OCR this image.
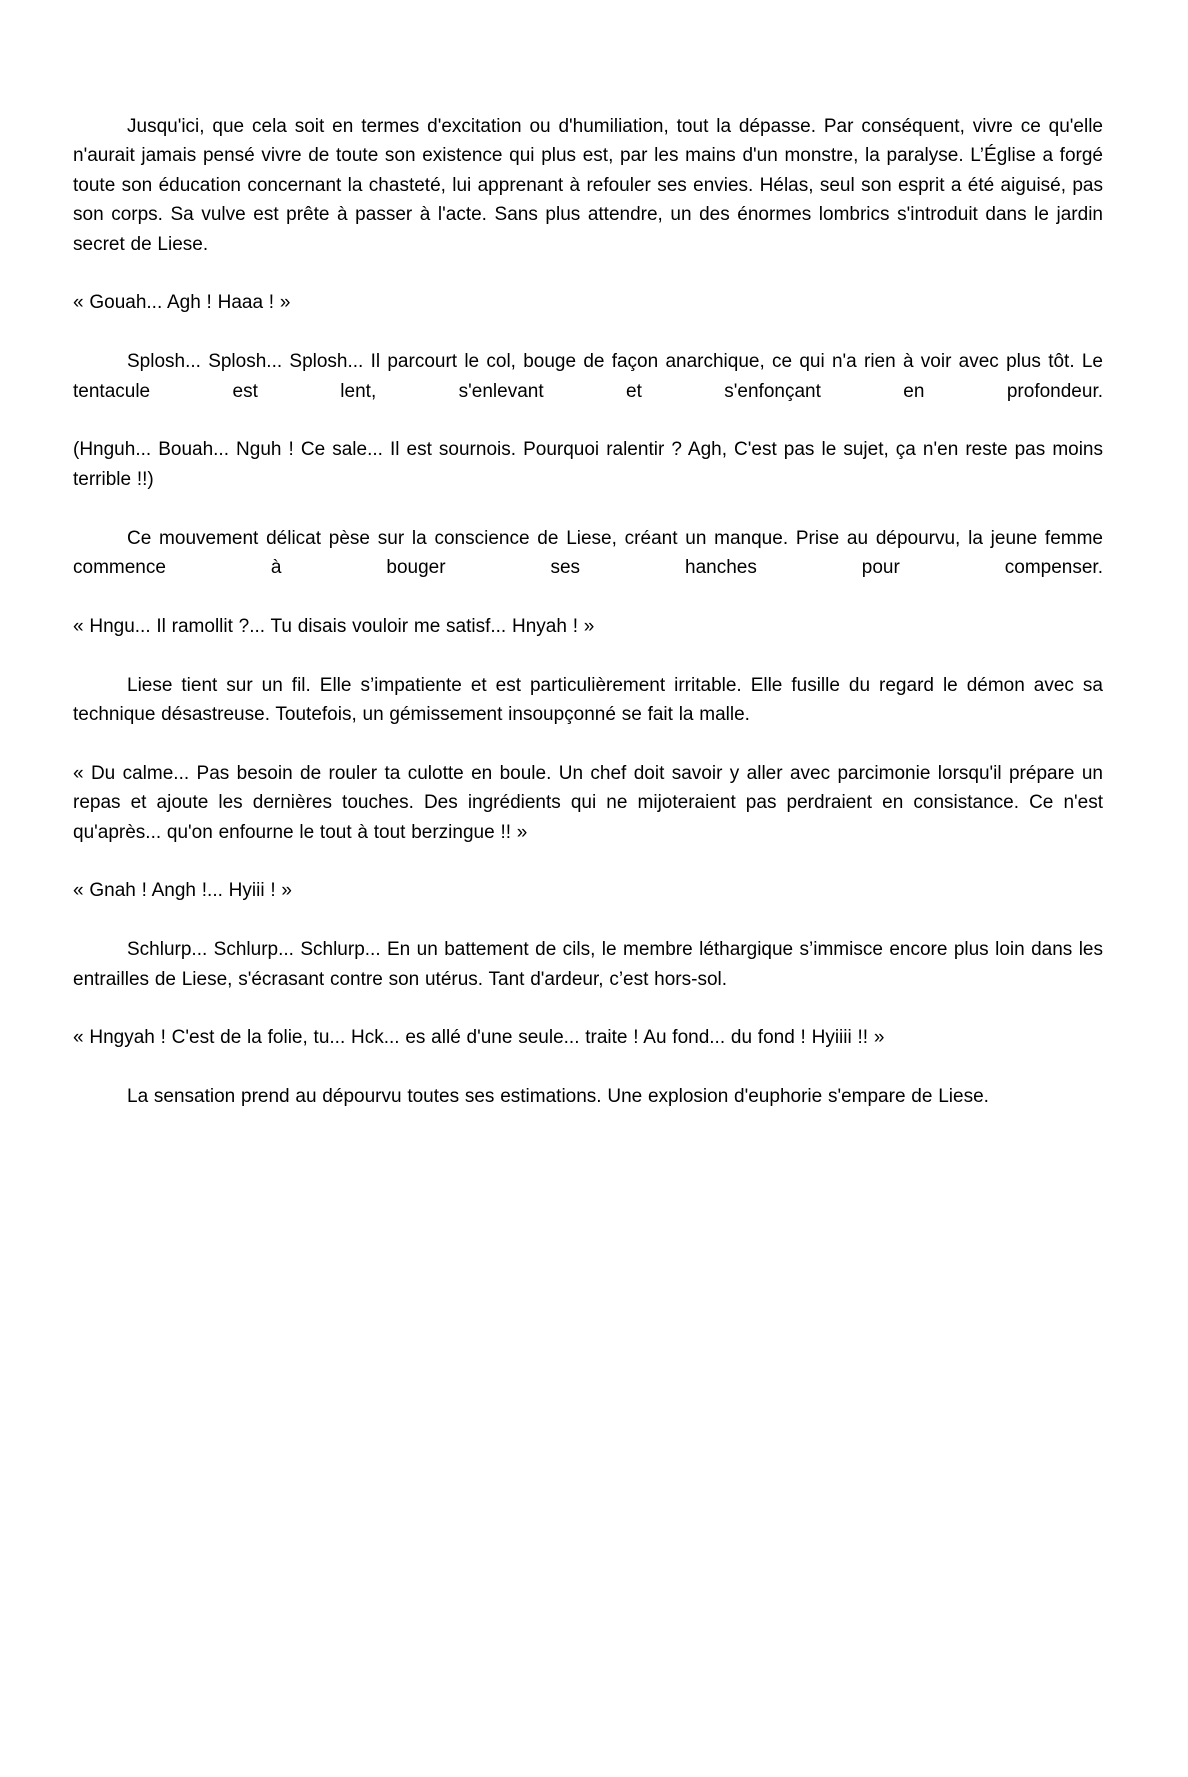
Jusqu'ici, que cela soit en termes d'excitation ou d'humiliation, tout la dépasse. Par conséquent, vivre ce qu'elle n'aurait jamais pensé vivre de toute son existence qui plus est, par les mains d'un monstre, la paralyse. L’Église a forgé toute son éducation concernant la chasteté, lui apprenant à refouler ses envies. Hélas, seul son esprit a été aiguisé, pas son corps. Sa vulve est prête à passer à l'acte. Sans plus attendre, un des énormes lombrics s'introduit dans le jardin secret de Liese.

« Gouah... Agh ! Haaa ! »

Splosh... Splosh... Splosh... Il parcourt le col, bouge de façon anarchique, ce qui n'a rien à voir avec plus tôt. Le tentacule est lent, s'enlevant et s'enfonçant en profondeur.

(Hnguh... Bouah... Nguh ! Ce sale... Il est sournois. Pourquoi ralentir ? Agh, C'est pas le sujet, ça n'en reste pas moins terrible !!)

Ce mouvement délicat pèse sur la conscience de Liese, créant un manque. Prise au dépourvu, la jeune femme commence à bouger ses hanches pour compenser.

« Hngu... Il ramollit ?... Tu disais vouloir me satisf... Hnyah ! »

Liese tient sur un fil. Elle s’impatiente et est particulièrement irritable. Elle fusille du regard le démon avec sa technique désastreuse. Toutefois, un gémissement insoupçonné se fait la malle.

« Du calme... Pas besoin de rouler ta culotte en boule. Un chef doit savoir y aller avec parcimonie lorsqu'il prépare un repas et ajoute les dernières touches. Des ingrédients qui ne mijoteraient pas perdraient en consistance. Ce n'est qu'après... qu'on enfourne le tout à tout berzingue !! »

« Gnah ! Angh !... Hyiii ! »

Schlurp... Schlurp... Schlurp... En un battement de cils, le membre léthargique s’immisce encore plus loin dans les entrailles de Liese, s'écrasant contre son utérus. Tant d'ardeur, c’est hors-sol.

« Hngyah ! C'est de la folie, tu... Hck... es allé d'une seule... traite ! Au fond... du fond ! Hyiiii !! »

La sensation prend au dépourvu toutes ses estimations. Une explosion d'euphorie s'empare de Liese.
